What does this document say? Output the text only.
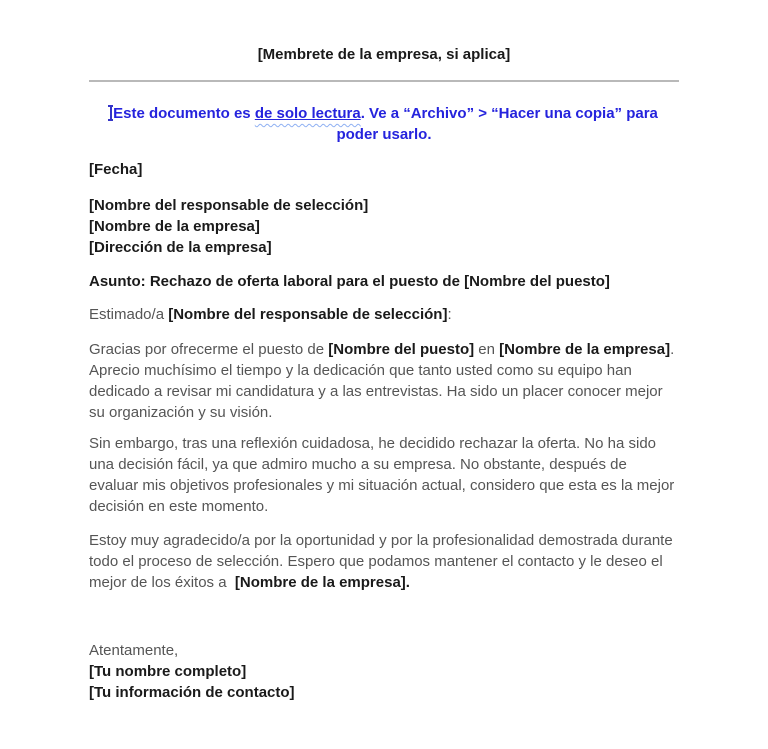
[Membrete de la empresa, si aplica]
Este documento es de solo lectura. Ve a “Archivo” > “Hacer una copia” para poder usarlo.

[Fecha]

[Nombre del responsable de selección]
[Nombre de la empresa]
[Dirección de la empresa]

Asunto: Rechazo de oferta laboral para el puesto de [Nombre del puesto]

Estimado/a [Nombre del responsable de selección]:

Gracias por ofrecerme el puesto de [Nombre del puesto] en [Nombre de la empresa]. Aprecio muchísimo el tiempo y la dedicación que tanto usted como su equipo han dedicado a revisar mi candidatura y a las entrevistas. Ha sido un placer conocer mejor su organización y su visión.

Sin embargo, tras una reflexión cuidadosa, he decidido rechazar la oferta. No ha sido una decisión fácil, ya que admiro mucho a su empresa. No obstante, después de evaluar mis objetivos profesionales y mi situación actual, considero que esta es la mejor decisión en este momento.

Estoy muy agradecido/a por la oportunidad y por la profesionalidad demostrada durante todo el proceso de selección. Espero que podamos mantener el contacto y le deseo el mejor de los éxitos a  [Nombre de la empresa].

Atentamente,
[Tu nombre completo]
[Tu información de contacto]
